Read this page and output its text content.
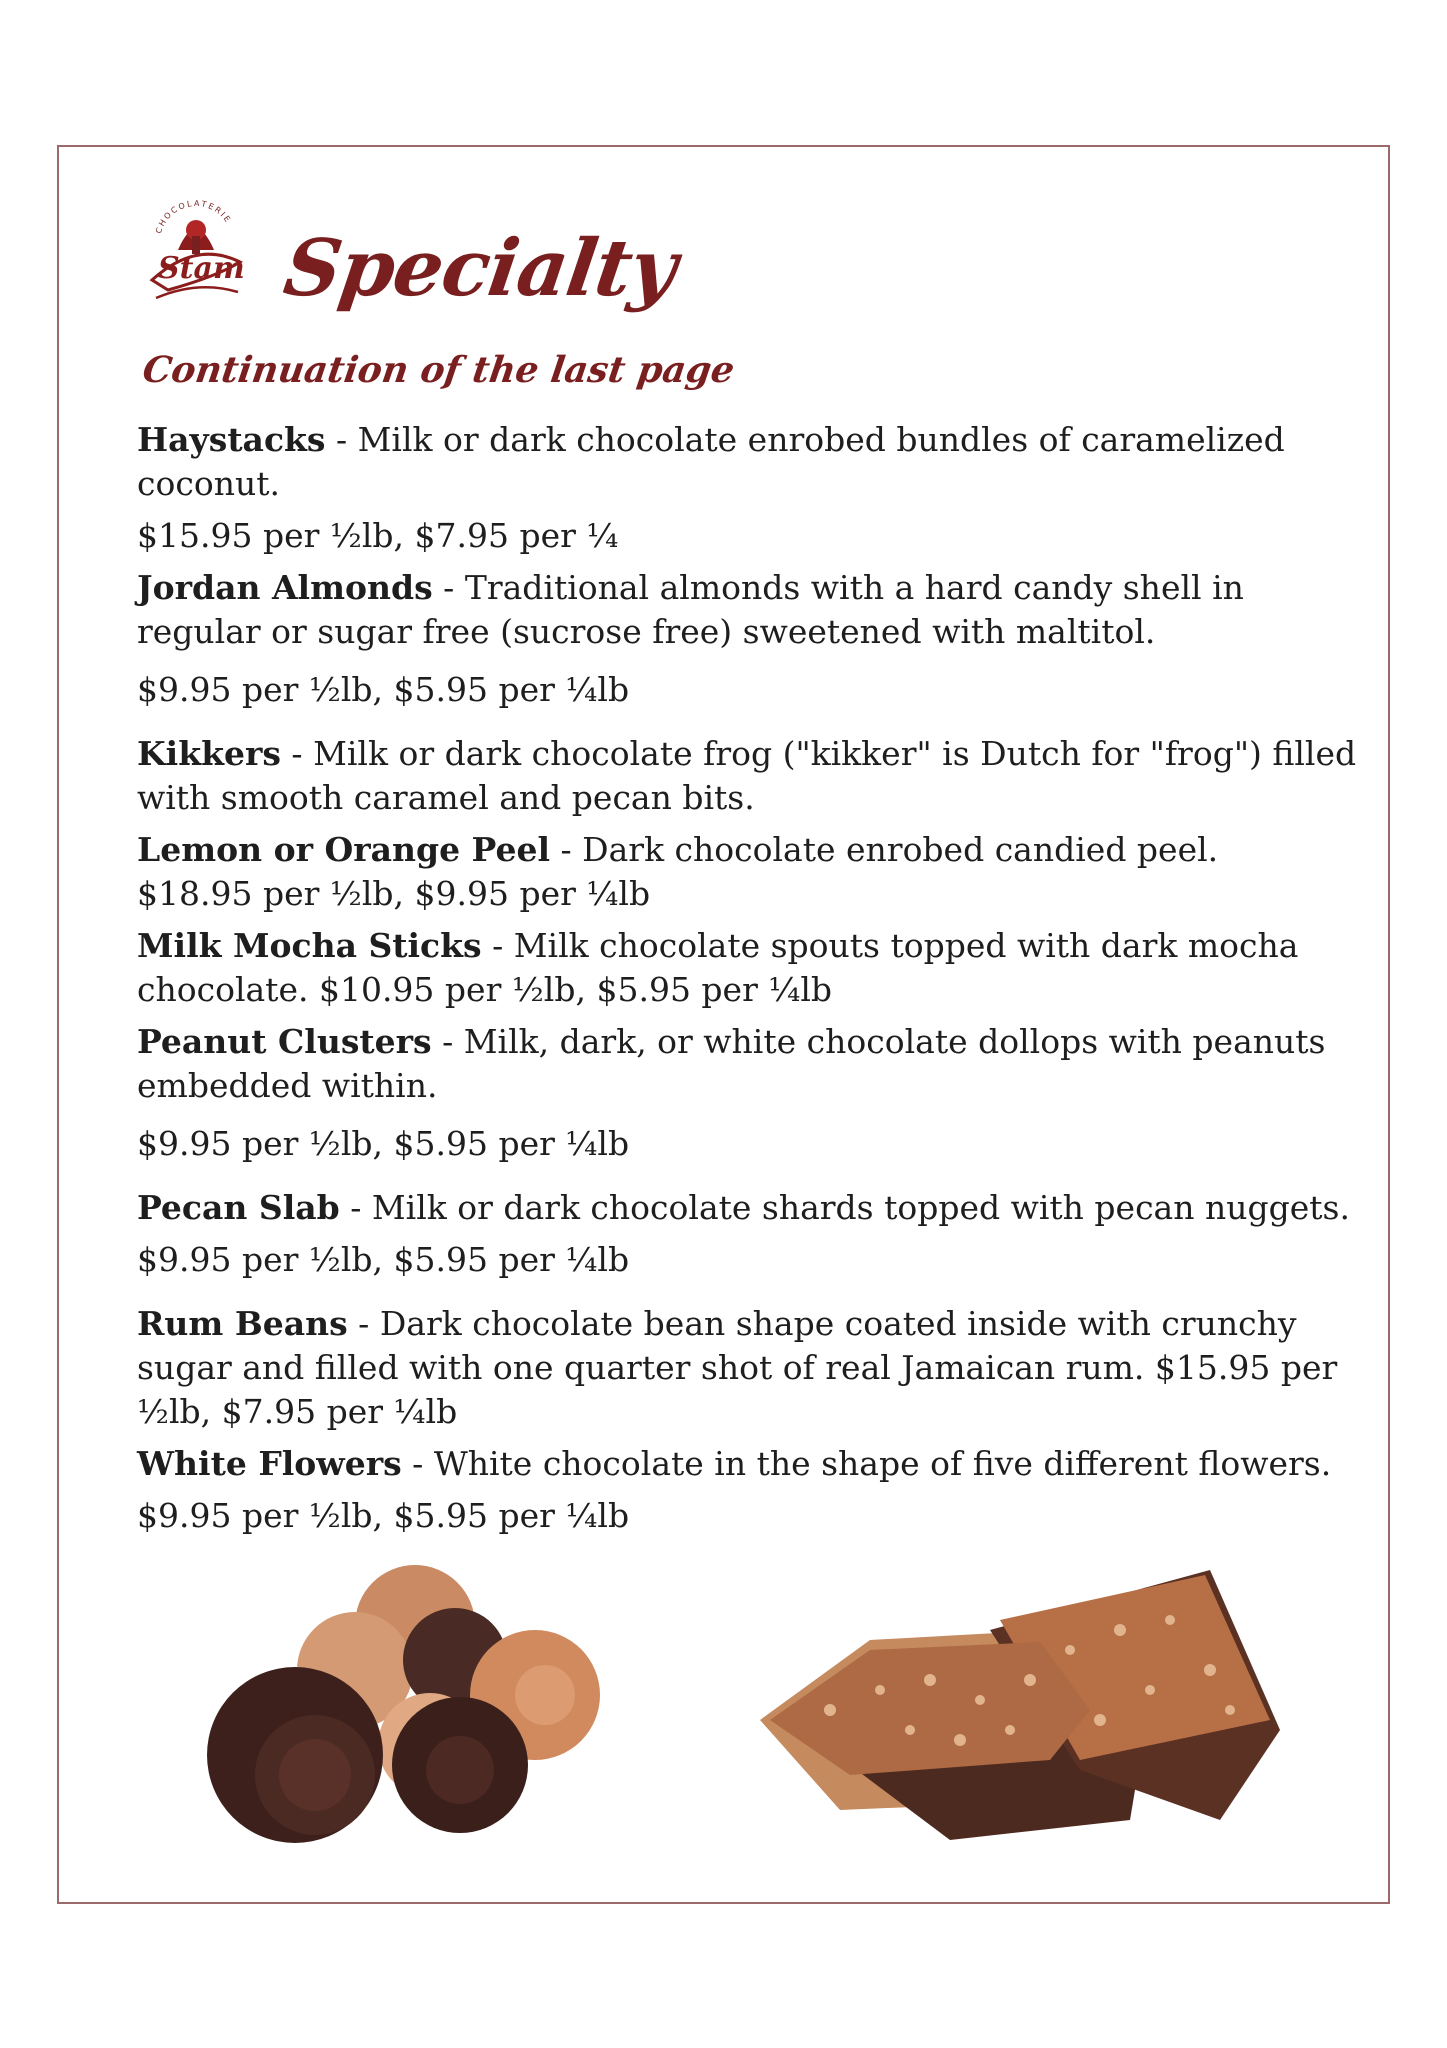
CHOCOLATERIE
Stam Specialty
Continuation of the last page

Haystacks - Milk or dark chocolate enrobed bundles of caramelized coconut.

$15.95 per ½lb, $7.95 per ¼

Jordan Almonds - Traditional almonds with a hard candy shell in regular or sugar free (sucrose free) sweetened with maltitol.

$9.95 per ½lb, $5.95 per ¼lb

Kikkers - Milk or dark chocolate frog ("kikker" is Dutch for "frog") filled with smooth caramel and pecan bits.

Lemon or Orange Peel - Dark chocolate enrobed candied peel.

$18.95 per ½lb, $9.95 per ¼lb

Milk Mocha Sticks - Milk chocolate spouts topped with dark mocha chocolate. $10.95 per ½lb, $5.95 per ¼lb

Peanut Clusters - Milk, dark, or white chocolate dollops with peanuts embedded within.

$9.95 per ½lb, $5.95 per ¼lb

Pecan Slab - Milk or dark chocolate shards topped with pecan nuggets.

$9.95 per ½lb, $5.95 per ¼lb

Rum Beans - Dark chocolate bean shape coated inside with crunchy sugar and filled with one quarter shot of real Jamaican rum. $15.95 per ½lb, $7.95 per ¼lb

White Flowers - White chocolate in the shape of five different flowers.

$9.95 per ½lb, $5.95 per ¼lb
